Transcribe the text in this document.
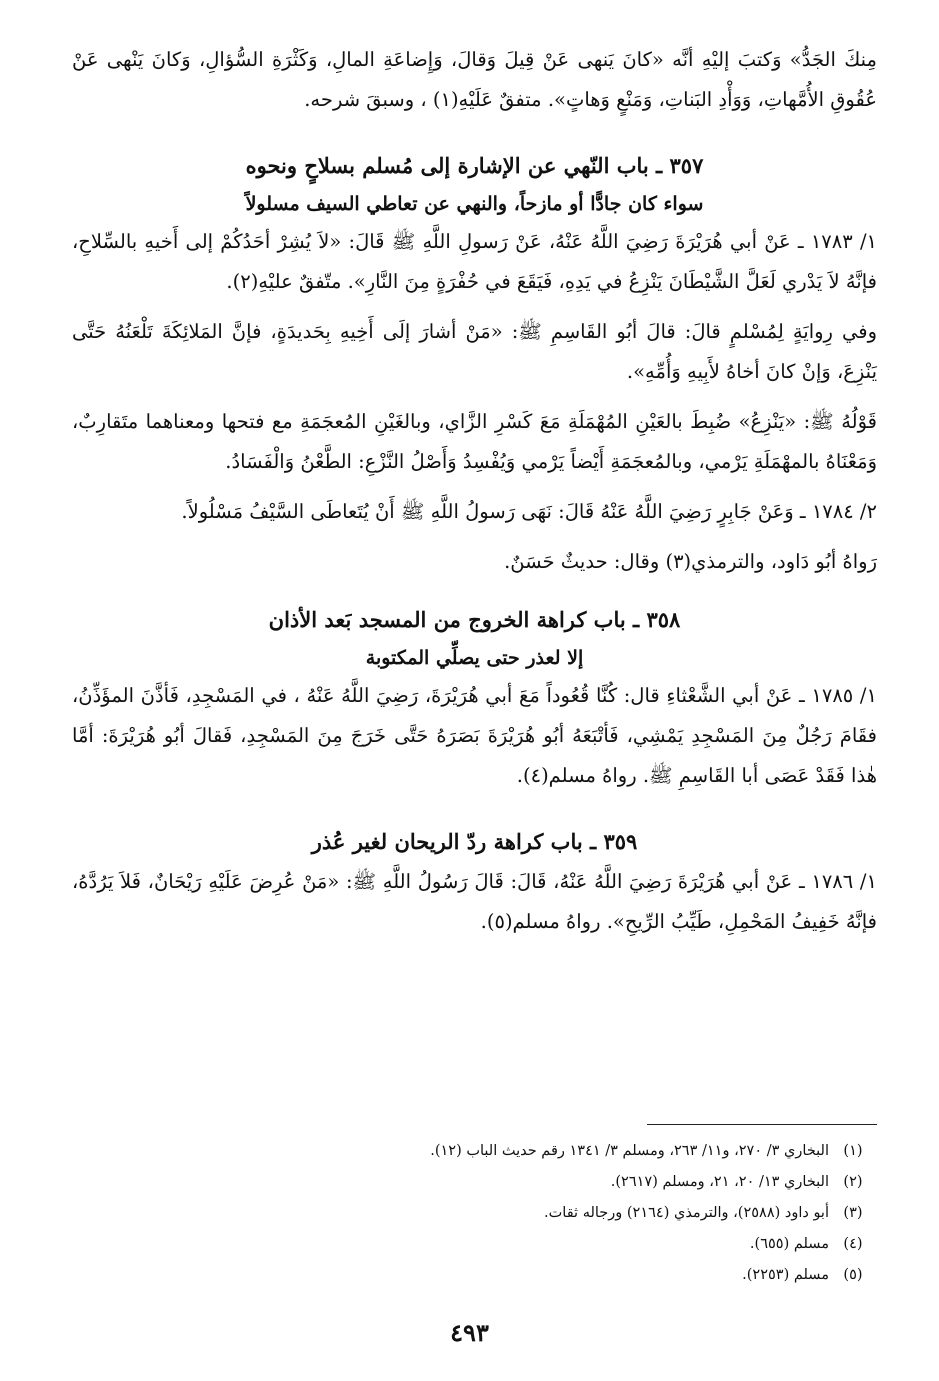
مِنكَ الجَدُّ» وَكتبَ إليْهِ أنَّه «كانَ يَنهى عَنْ قِيلَ وَقالَ، وَإِضاعَةِ المالِ، وَكَثْرَةِ السُّؤالِ، وَكانَ يَنْهى عَنْ عُقُوقِ الأُمَّهاتِ، وَوَأْدِ البَناتِ، وَمَنْعٍ وَهاتٍ». متفقٌ عَلَيْهِ(١) ، وسبقَ شرحه.

٣٥٧ ـ باب النّهي عن الإشارة إلى مُسلم بسلاحٍ ونحوه
سواء كان جادًّا أو مازحاً، والنهي عن تعاطي السيف مسلولاً

١/ ١٧٨٣ ـ عَنْ أبي هُرَيْرَةَ رَضِيَ اللَّهُ عَنْهُ، عَنْ رَسولِ اللَّهِ ﷺ قَالَ: «لاَ يُشِرْ أحَدُكُمْ إلى أَخيهِ بالسِّلاحِ، فإنَّهُ لاَ يَدْري لَعَلَّ الشَّيْطَانَ يَنْزِعُ في يَدِهِ، فَيَقَعَ في حُفْرَةٍ مِنَ النَّارِ». متّفقٌ عليْهِ(٢).

وفي رِوايَةٍ لِمُسْلمٍ قالَ: قالَ أبُو القَاسِمِ ﷺ: «مَنْ أشارَ إلَى أَخِيهِ بِحَديدَةٍ، فإنَّ المَلائِكَةَ تَلْعَنُهُ حَتَّى يَنْزِعَ، وَإنْ كانَ أخاهُ لأَبِيهِ وَأُمِّهِ».

قَوْلُهُ ﷺ: «يَنْزِعُ» ضُبِطَ بالعَيْنِ المُهْمَلَةِ مَعَ كَسْرِ الزَّاي، وبالغَيْنِ المُعجَمَةِ مع فتحها ومعناهما متَقارِبٌ، وَمَعْنَاهُ بالمهْمَلَةِ يَرْمي، وبالمُعجَمَةِ أَيْضاً يَرْمي وَيُفْسِدُ وَأَصْلُ النَّزْعِ: الطَّعْنُ وَالْفَسَادُ.

٢/ ١٧٨٤ ـ وَعَنْ جَابِرٍ رَضِيَ اللَّهُ عَنْهُ قَالَ: نَهَى رَسولُ اللَّهِ ﷺ أَنْ يُتَعاطَى السَّيْفُ مَسْلُولاً.

رَواهُ أبُو دَاود، والترمذي(٣) وقال: حديثٌ حَسَنٌ.

٣٥٨ ـ باب كراهة الخروج من المسجد بَعد الأذان
إلا لعذر حتى يصلِّي المكتوبة

١/ ١٧٨٥ ـ عَنْ أبي الشَّعْثاءِ قال: كُنَّا قُعُوداً مَعَ أبي هُرَيْرَةَ، رَضِيَ اللَّهُ عَنْهُ ، في المَسْجِدِ، فَأذَّنَ المؤَذِّنُ، فقَامَ رَجُلٌ مِنَ المَسْجِدِ يَمْشِي، فَأتْبَعَهُ أبُو هُرَيْرَةَ بَصَرَهُ حَتَّى خَرَجَ مِنَ المَسْجِدِ، فَقالَ أبُو هُرَيْرَةَ: أمَّا هٰذا فَقَدْ عَصَى أبا القَاسِمِ ﷺ. رواهُ مسلم(٤).

٣٥٩ ـ باب كراهة ردّ الريحان لغير عُذر

١/ ١٧٨٦ ـ عَنْ أبي هُرَيْرَةَ رَضِيَ اللَّهُ عَنْهُ، قَالَ: قَالَ رَسُولُ اللَّهِ ﷺ: «مَنْ عُرِضَ عَلَيْهِ رَيْحَانٌ، فَلاَ يَرُدَّهُ، فإنَّهُ خَفِيفُ المَحْمِلِ، طَيِّبُ الرِّيحِ». رواهُ مسلم(٥).

(١)
البخاري ٣/ ٢٧٠، و١١/ ٢٦٣، ومسلم ٣/ ١٣٤١ رقم حديث الباب (١٢).
(٢)
البخاري ١٣/ ٢٠، ٢١، ومسلم (٢٦١٧).
(٣)
أبو داود (٢٥٨٨)، والترمذي (٢١٦٤) ورجاله ثقات.
(٤)
مسلم (٦٥٥).
(٥)
مسلم (٢٢٥٣).
٤٩٣
